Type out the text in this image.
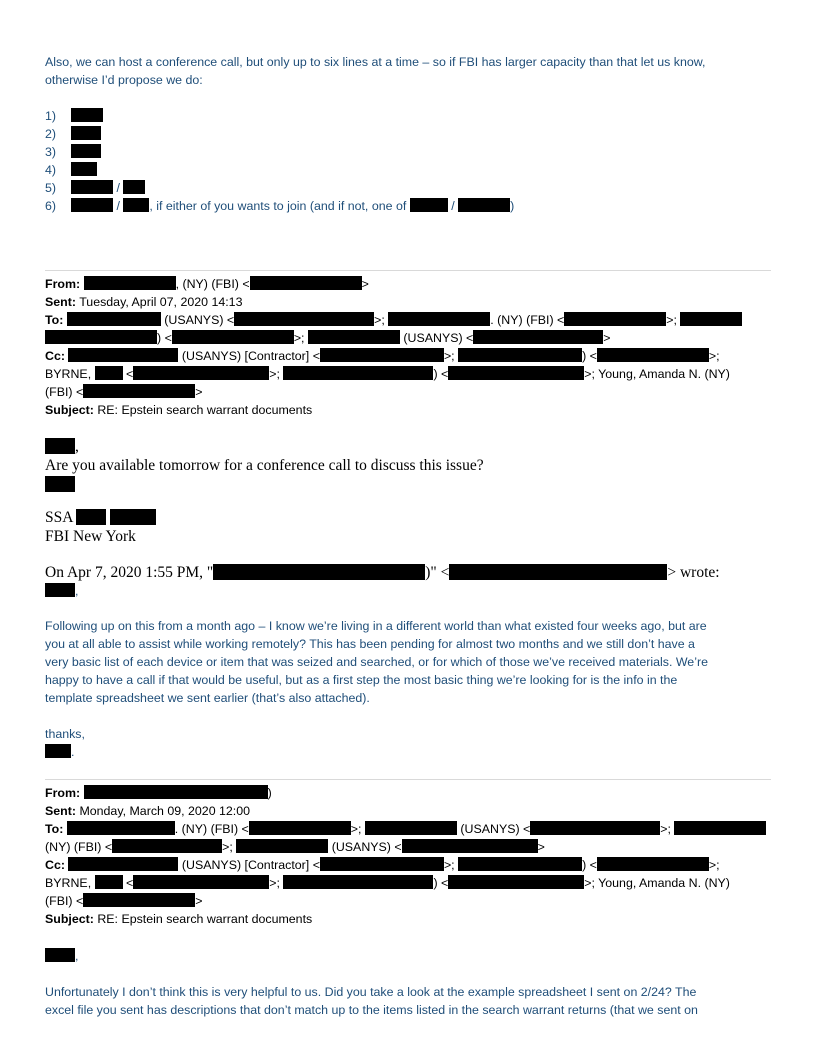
Also, we can host a conference call, but only up to six lines at a time – so if FBI has larger capacity than that let us know,

otherwise I’d propose we do:

1)

2)

3)

4)

5)	/

6)	/ , if either of you wants to join (and if not, one of	/	)

From:	, (NY) (FBI) <	>

Sent: Tuesday, April 07, 2020 14:13

To:	(USANYS) <	>;	. (NY) (FBI) <	>;

) <	>;	(USANYS) <	>

Cc:	(USANYS) [Contractor] <	>;	) <	>;

BYRNE,	<	>;	) <	>; Young, Amanda N. (NY)

(FBI) <	>

Subject: RE: Epstein search warrant documents

,

Are you available tomorrow for a conference call to discuss this issue?

SSA

FBI New York

On Apr 7, 2020 1:55 PM, "	)" <	> wrote:

,

Following up on this from a month ago – I know we’re living in a different world than what existed four weeks ago, but are

you at all able to assist while working remotely? This has been pending for almost two months and we still don’t have a

very basic list of each device or item that was seized and searched, or for which of those we’ve received materials. We’re

happy to have a call if that would be useful, but as a first step the most basic thing we’re looking for is the info in the

template spreadsheet we sent earlier (that’s also attached).

thanks,

.

From:	)

Sent: Monday, March 09, 2020 12:00

To:	. (NY) (FBI) <	>;	(USANYS) <	>;

(NY) (FBI) <	>;	(USANYS) <	>

Cc:	(USANYS) [Contractor] <	>;	) <	>;

BYRNE,	<	>;	) <	>; Young, Amanda N. (NY)

(FBI) <	>

Subject: RE: Epstein search warrant documents

,

Unfortunately I don’t think this is very helpful to us. Did you take a look at the example spreadsheet I sent on 2/24? The

excel file you sent has descriptions that don’t match up to the items listed in the search warrant returns (that we sent on
